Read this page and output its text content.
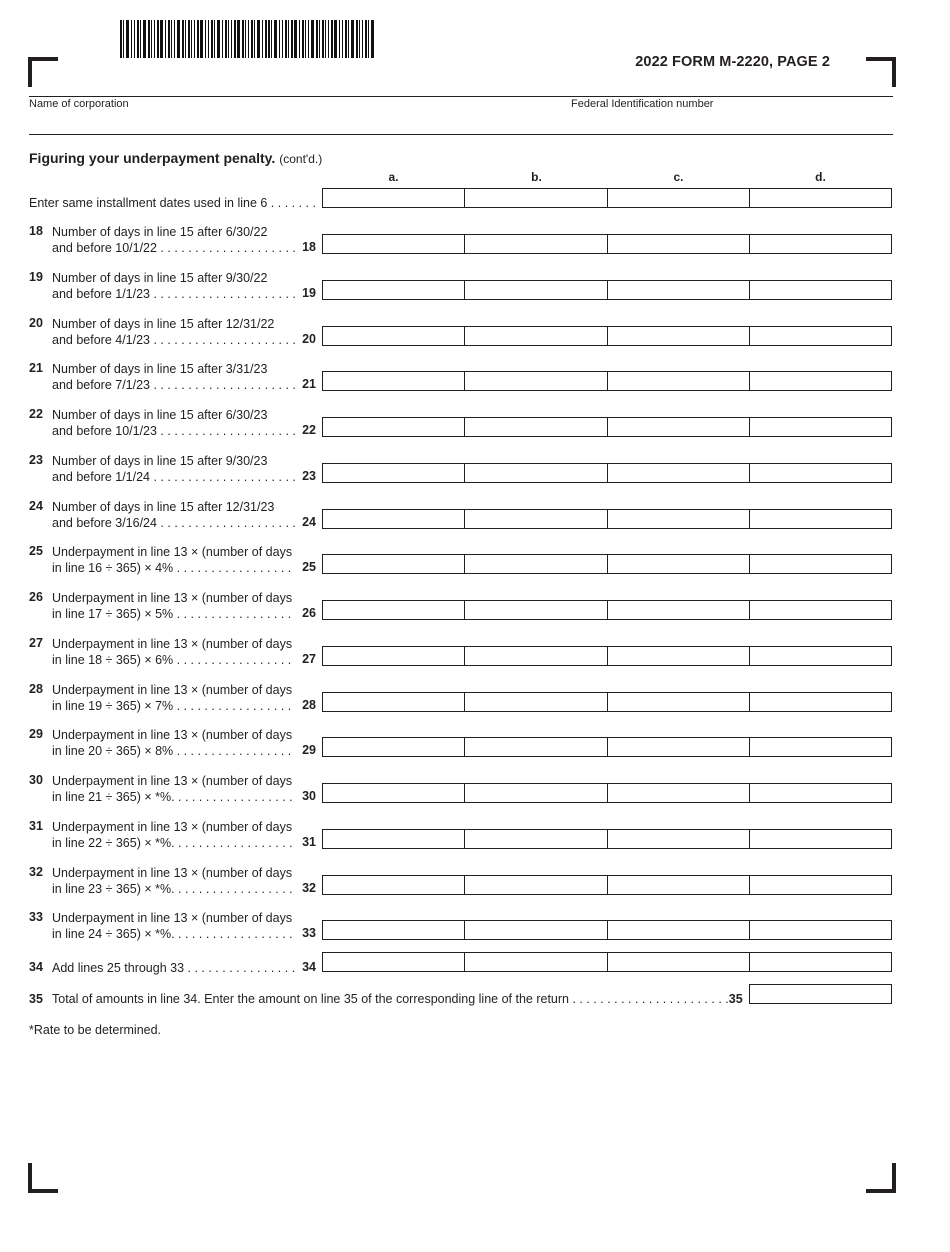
2022 FORM M-2220, PAGE 2
Name of corporation	Federal Identification number
Figuring your underpayment penalty. (cont'd.)
a.	b.	c.	d.
Enter same installment dates used in line 6 . . . . . . .
18 Number of days in line 15 after 6/30/22
and before 10/1/22 . . . . . . . . . . . . . . . . . . . . 18
19 Number of days in line 15 after 9/30/22
and before 1/1/23 . . . . . . . . . . . . . . . . . . . . . 19
20 Number of days in line 15 after 12/31/22
and before 4/1/23 . . . . . . . . . . . . . . . . . . . . . 20
21 Number of days in line 15 after 3/31/23
and before 7/1/23 . . . . . . . . . . . . . . . . . . . . . 21
22 Number of days in line 15 after 6/30/23
and before 10/1/23 . . . . . . . . . . . . . . . . . . . . 22
23 Number of days in line 15 after 9/30/23
and before 1/1/24 . . . . . . . . . . . . . . . . . . . . . 23
24 Number of days in line 15 after 12/31/23
and before 3/16/24 . . . . . . . . . . . . . . . . . . . . 24
25 Underpayment in line 13 × (number of days
in line 16 ÷ 365) × 4% . . . . . . . . . . . . . . . . . 25
26 Underpayment in line 13 × (number of days
in line 17 ÷ 365) × 5% . . . . . . . . . . . . . . . . . 26
27 Underpayment in line 13 × (number of days
in line 18 ÷ 365) × 6% . . . . . . . . . . . . . . . . . 27
28 Underpayment in line 13 × (number of days
in line 19 ÷ 365) × 7% . . . . . . . . . . . . . . . . . 28
29 Underpayment in line 13 × (number of days
in line 20 ÷ 365) × 8% . . . . . . . . . . . . . . . . . 29
30 Underpayment in line 13 × (number of days
in line 21 ÷ 365) × *%. . . . . . . . . . . . . . . . . . 30
31 Underpayment in line 13 × (number of days
in line 22 ÷ 365) × *%. . . . . . . . . . . . . . . . . . 31
32 Underpayment in line 13 × (number of days
in line 23 ÷ 365) × *%. . . . . . . . . . . . . . . . . . 32
33 Underpayment in line 13 × (number of days
in line 24 ÷ 365) × *%. . . . . . . . . . . . . . . . . . 33
34 Add lines 25 through 33 . . . . . . . . . . . . . . . . 34
35 Total of amounts in line 34. Enter the amount on line 35 of the corresponding line of the return . . . . . . . . . . . . . . . . . . . . . . .35
*Rate to be determined.
